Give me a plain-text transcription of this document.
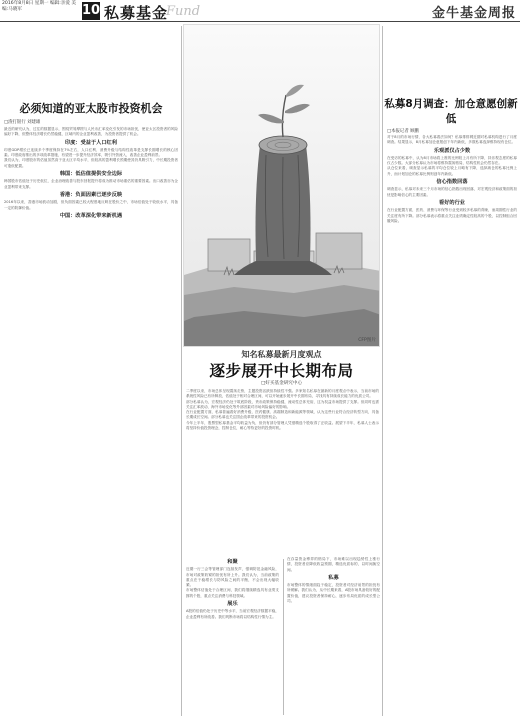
2016年8月8日 星期一 编辑:亲爱 美编:马晓军	10 私募基金
Fund	金牛基金周报
必须知道的亚太股市投资机会
□渣打银行 刘建雄

最近的研究认为，过往的数据显示，围绕贸易摩擦与人民币汇率变化引发的市场担忧，使亚太区投资者的风险偏好下降，但整体经济增长仍然稳健，区域内的企业盈利改善，为投资者提供了机会。

印度：受益于人口红利

印度GDP增长已连续多个季度保持在7%左右，人口红利、消费升级与结构性改革是支撑长期增长的核心因素。印度政府推出的多项改革措施，有望进一步提升经济效率，吸引外资流入，改善企业盈利前景。

我们认为，印度股市的估值虽然高于亚太区平均水平，但较高的盈利增长预期使其仍具吸引力，中长期投资者可逢低配置。

韩国：低估值提供安全边际

韩国股市估值处于历史低位，企业治理改善与股东回报提升将成为推动市场重估的重要因素。出口改善亦为企业盈利带来支撑。

香港：负面因素已逐步反映

2016年以来，香港市场波动加剧，但负面因素已较大程度地反映在股价之中，市场估值处于较低水平，具备一定的防御价值。

中国：改革深化带来新机遇
CFP图片
知名私募最新月度观点
逐步展开中长期布局
□好买基金研究中心

二季度以来，市场总体呈现震荡走势，主题投资活跃但持续性不强。多家知名私募在最新的月度观点中表示，当前市场的系统性风险已有所释放，估值处于相对合理区间，可以开始逐步展开中长期布局，寻找具有持续成长能力的优质公司。

部分私募认为，宏观经济仍处于筑底阶段，货币政策保持稳健，流动性总体充裕，这为权益市场提供了支撑。但同时也需关注汇率波动、海外市场变化等外部因素对市场风险偏好的影响。

在行业配置方面，私募普遍看好消费升级、医药健康、高端制造和新能源等领域，认为这些行业符合经济转型方向，具备长期成长空间。部分私募也关注国企改革带来的投资机会。

今年上半年，股票型私募基金平均收益为负，但仍有部分管理人凭借精选个股取得了正收益。展望下半年，私募人士表示将坚持价值投资理念，控制仓位，耐心等待更好的投资时机。

和聚

近期一行三会等管理部门连续发声，强调防范金融风险，市场对政策收紧的担忧有所上升。我们认为，当前政策的重点在于稳增长与防风险之间的平衡，不会出现大幅收紧。

市场整体估值处于合理区间，我们将继续精选具有业绩支撑的个股，重点关注消费与科技领域。

展乐

A股的估值仍处于历史中等水平，当前宏观经济数据平稳，企业盈利有所改善。我们判断市场将以结构性行情为主。

在存量资金博弈的格局下，市场难以出现趋势性上涨行情，投资者应降低收益预期，精选优质标的，以时间换空间。

私募

市场整体的情绪面趋于稳定，投资者对经济前景的担忧有所缓解。我们认为，从中长期来看，A股市场具备较好的配置价值，建议投资者保持耐心，逐步布局优质的成长型公司。

私募8月调查：加仓意愿创新低
□本报记者 顾鹏

对于8月的市场行情，各大私募看法如何？私募排排网近期对私募机构进行了月度调查。结果显示，8月私募加仓意愿创下年内新低，多数私募选择维持现有仓位。

乐观派仅占少数

在受访的私募中，认为8月市场将上涨的比例较上月有所下降，持乐观态度的私募仅占少数。大部分私募认为市场将维持震荡格局，结构性机会仍然存在。

从仓位来看，调查显示私募的平均仓位较上月略有下降，选择减仓的私募比例上升，而计划加仓的私募比例则创年内新低。

信心指数回落

调查显示，私募对未来三个月市场的信心指数出现回落，对宏观经济和政策面的担忧是影响信心的主要因素。

看好的行业

在行业配置方面，医药、消费与环保等行业受到较多私募的青睐，而周期性行业的关注度有所下降。部分私募表示将重点关注业绩确定性较高的个股，以控制组合回撤风险。
